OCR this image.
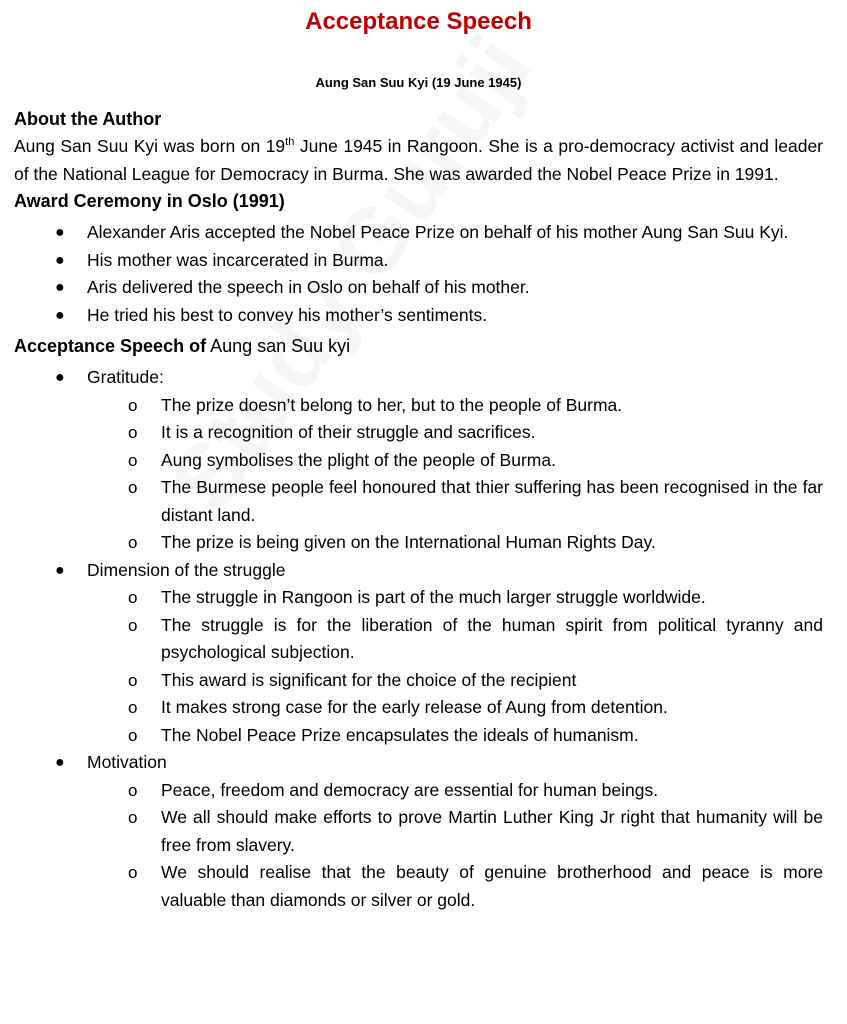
Acceptance Speech
Aung San Suu Kyi (19 June 1945)
About the Author

Aung San Suu Kyi was born on 19th June 1945 in Rangoon. She is a pro-democracy activist and leader of the National League for Democracy in Burma. She was awarded the Nobel Peace Prize in 1991.

Award Ceremony in Oslo (1991)
● Alexander Aris accepted the Nobel Peace Prize on behalf of his mother Aung San Suu Kyi.
● His mother was incarcerated in Burma.
● Aris delivered the speech in Oslo on behalf of his mother.
● He tried his best to convey his mother’s sentiments.
Acceptance Speech of Aung san Suu kyi
● Gratitude:
o The prize doesn’t belong to her, but to the people of Burma.
o It is a recognition of their struggle and sacrifices.
o Aung symbolises the plight of the people of Burma.
o The Burmese people feel honoured that thier suffering has been recognised in the far distant land.
o The prize is being given on the International Human Rights Day.
● Dimension of the struggle
o The struggle in Rangoon is part of the much larger struggle worldwide.
o The struggle is for the liberation of the human spirit from political tyranny and psychological subjection.
o This award is significant for the choice of the recipient
o It makes strong case for the early release of Aung from detention.
o The Nobel Peace Prize encapsulates the ideals of humanism.
● Motivation
o Peace, freedom and democracy are essential for human beings.
o We all should make efforts to prove Martin Luther King Jr right that humanity will be free from slavery.
o We should realise that the beauty of genuine brotherhood and peace is more valuable than diamonds or silver or gold.
